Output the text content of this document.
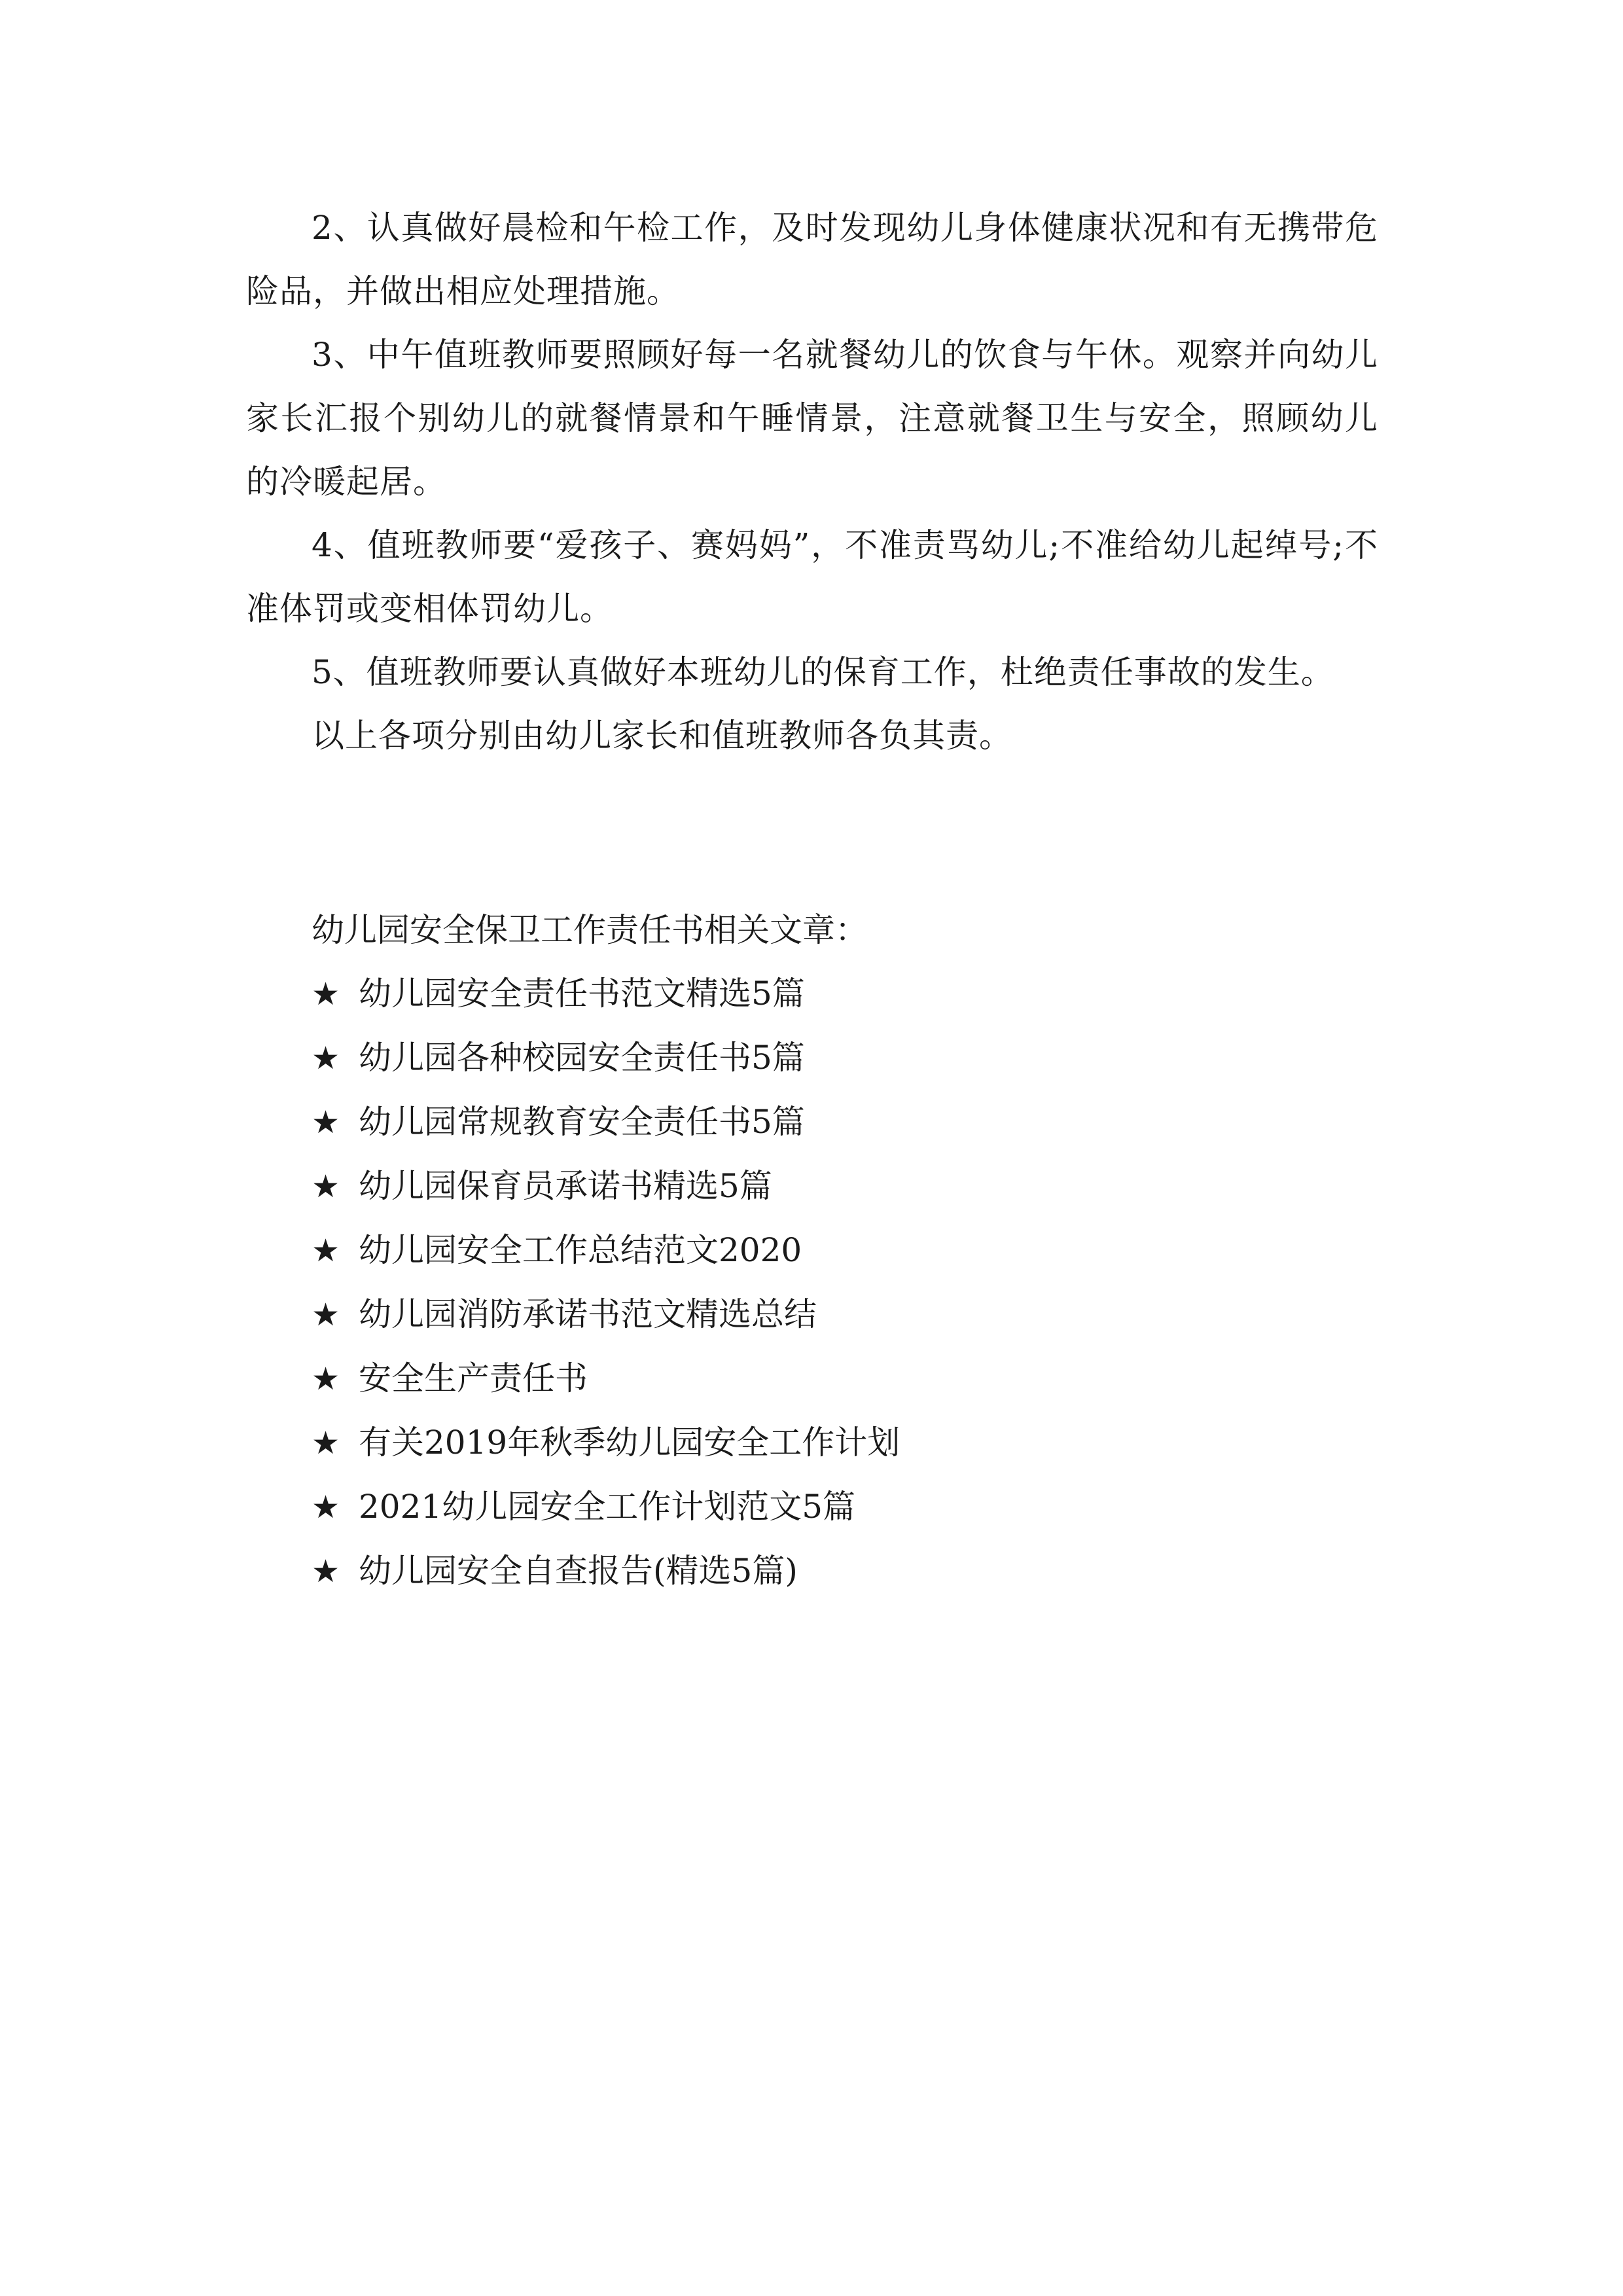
2、认真做好晨检和午检工作，及时发现幼儿身体健康状况和有无携带危险品，并做出相应处理措施。

3、中午值班教师要照顾好每一名就餐幼儿的饮食与午休。观察并向幼儿家长汇报个别幼儿的就餐情景和午睡情景，注意就餐卫生与安全，照顾幼儿的冷暖起居。

4、值班教师要“爱孩子、赛妈妈”，不准责骂幼儿;不准给幼儿起绰号;不准体罚或变相体罚幼儿。

5、值班教师要认真做好本班幼儿的保育工作，杜绝责任事故的发生。

以上各项分别由幼儿家长和值班教师各负其责。

幼儿园安全保卫工作责任书相关文章：

★ 幼儿园安全责任书范文精选5篇
★ 幼儿园各种校园安全责任书5篇
★ 幼儿园常规教育安全责任书5篇
★ 幼儿园保育员承诺书精选5篇
★ 幼儿园安全工作总结范文2020
★ 幼儿园消防承诺书范文精选总结
★ 安全生产责任书
★ 有关2019年秋季幼儿园安全工作计划
★ 2021幼儿园安全工作计划范文5篇
★ 幼儿园安全自查报告(精选5篇)
